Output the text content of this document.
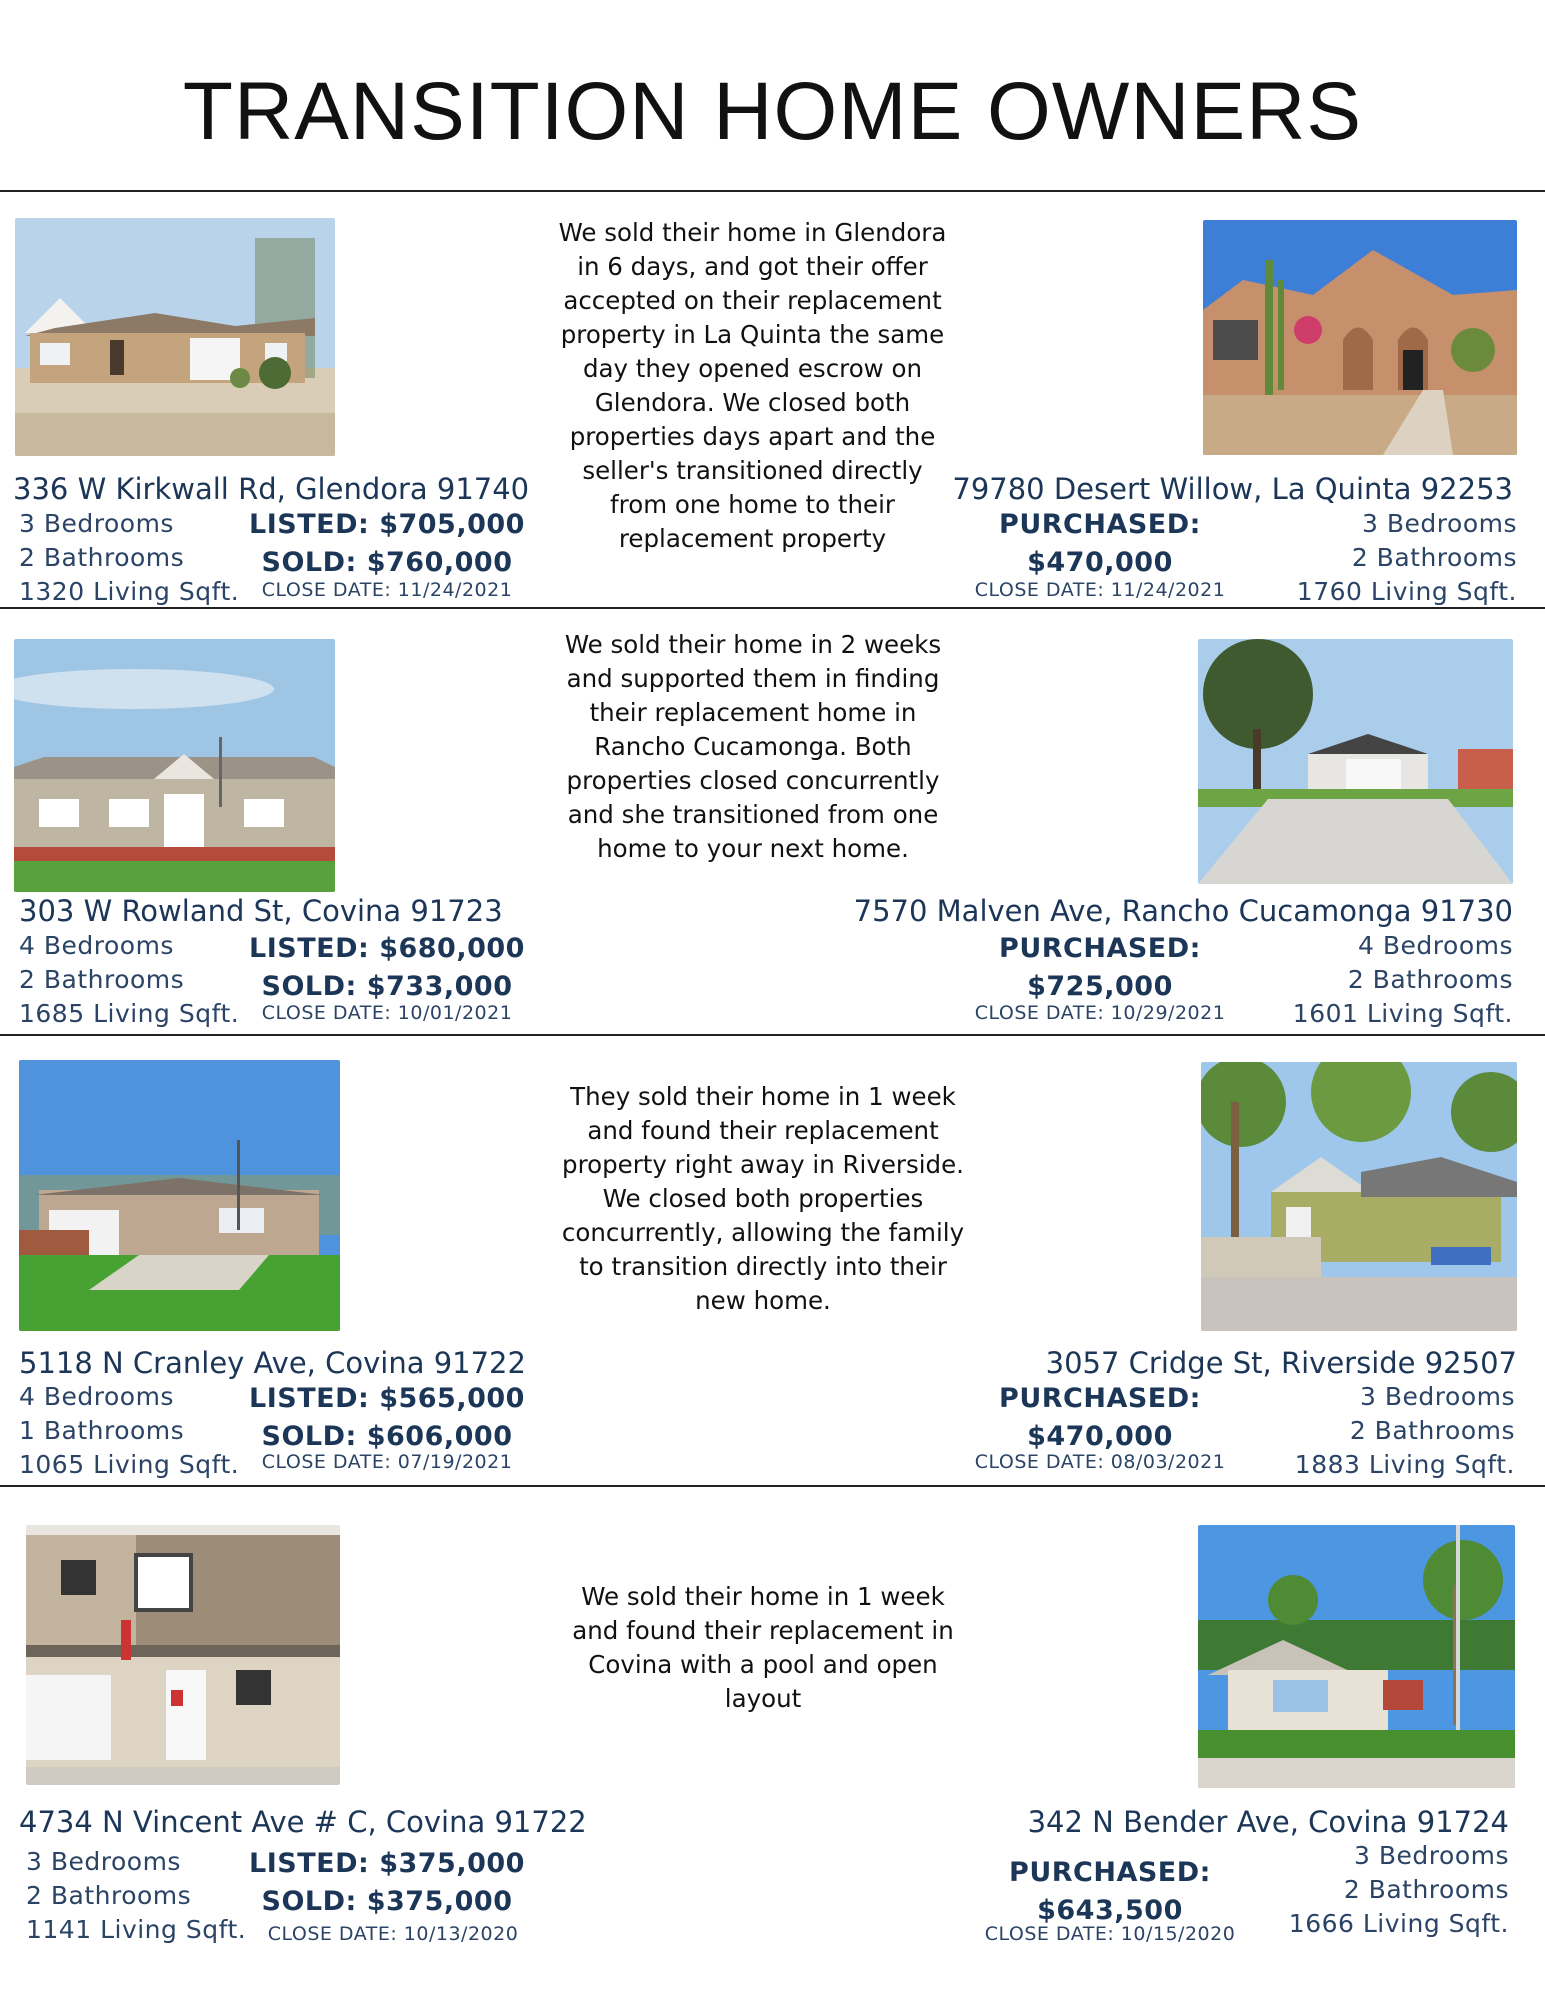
TRANSITION HOME OWNERS
336 W Kirkwall Rd, Glendora 91740
3 Bedrooms
2 Bathrooms
1320 Living Sqft.
LISTED: $705,000
SOLD: $760,000
CLOSE DATE: 11/24/2021
We sold their home in Glendora in 6 days, and got their offer accepted on their replacement property in La Quinta the same day they opened escrow on Glendora. We closed both properties days apart and the seller's transitioned directly from one home to their replacement property
79780 Desert Willow, La Quinta 92253
PURCHASED:
$470,000
CLOSE DATE: 11/24/2021
3 Bedrooms
2 Bathrooms
1760 Living Sqft.
303 W Rowland St, Covina 91723
4 Bedrooms
2 Bathrooms
1685 Living Sqft.
LISTED: $680,000
SOLD: $733,000
CLOSE DATE: 10/01/2021
We sold their home in 2 weeks and supported them in finding their replacement home in Rancho Cucamonga. Both properties closed concurrently and she transitioned from one home to your next home.
7570 Malven Ave, Rancho Cucamonga 91730
PURCHASED:
$725,000
CLOSE DATE: 10/29/2021
4 Bedrooms
2 Bathrooms
1601 Living Sqft.
5118 N Cranley Ave, Covina 91722
4 Bedrooms
1 Bathrooms
1065 Living Sqft.
LISTED: $565,000
SOLD: $606,000
CLOSE DATE: 07/19/2021
They sold their home in 1 week and found their replacement property right away in Riverside. We closed both properties concurrently, allowing the family to transition directly into their new home.
3057 Cridge St, Riverside 92507
PURCHASED:
$470,000
CLOSE DATE: 08/03/2021
3 Bedrooms
2 Bathrooms
1883 Living Sqft.
4734 N Vincent Ave # C, Covina 91722
3 Bedrooms
2 Bathrooms
1141 Living Sqft.
LISTED: $375,000
SOLD: $375,000
CLOSE DATE: 10/13/2020
We sold their home in 1 week and found their replacement in Covina with a pool and open layout
342 N Bender Ave, Covina 91724
PURCHASED:
$643,500
CLOSE DATE: 10/15/2020
3 Bedrooms
2 Bathrooms
1666 Living Sqft.
